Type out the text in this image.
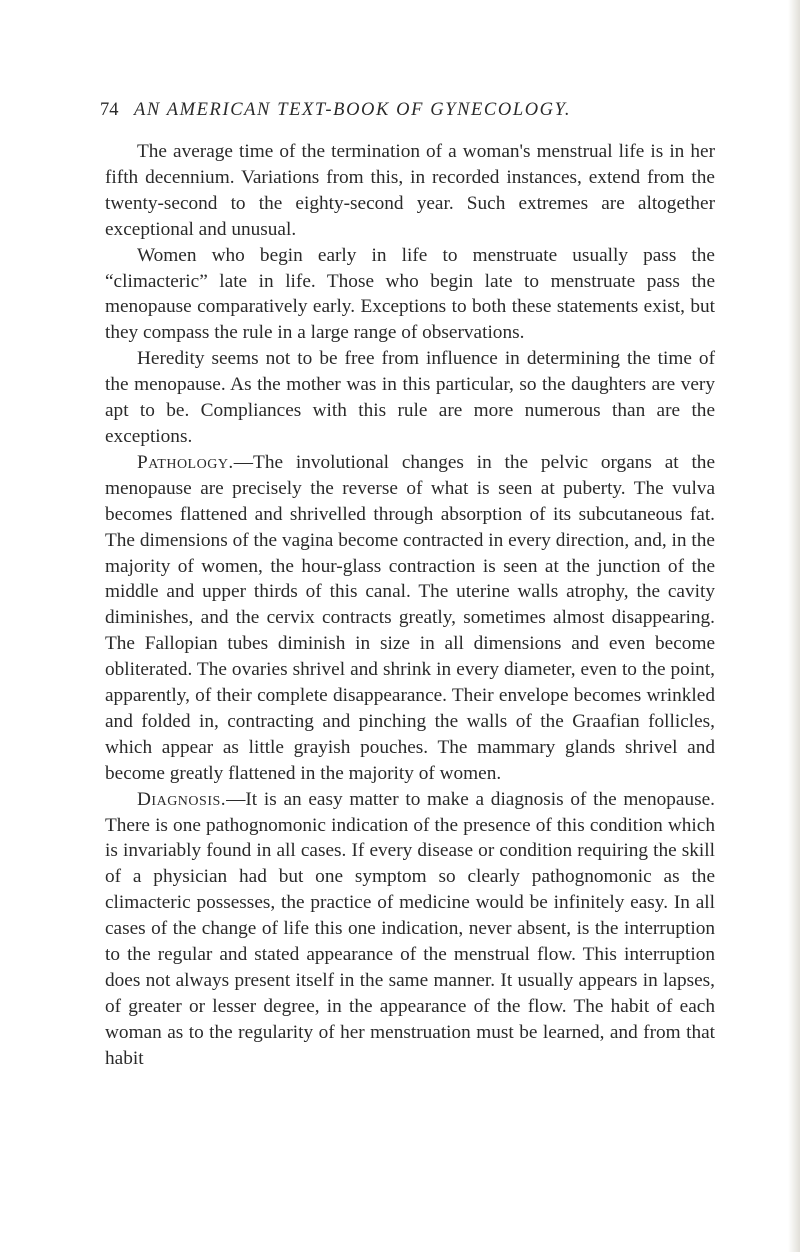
74 AN AMERICAN TEXT-BOOK OF GYNECOLOGY.

The average time of the termination of a woman's menstrual life is in her fifth decennium. Variations from this, in recorded instances, extend from the twenty-second to the eighty-second year. Such extremes are altogether exceptional and unusual.

Women who begin early in life to menstruate usually pass the “climacteric” late in life. Those who begin late to menstruate pass the menopause comparatively early. Exceptions to both these statements exist, but they compass the rule in a large range of observations.

Heredity seems not to be free from influence in determining the time of the menopause. As the mother was in this particular, so the daughters are very apt to be. Compliances with this rule are more numerous than are the exceptions.

Pathology.—The involutional changes in the pelvic organs at the menopause are precisely the reverse of what is seen at puberty. The vulva becomes flattened and shrivelled through absorption of its subcutaneous fat. The dimensions of the vagina become contracted in every direction, and, in the majority of women, the hour-glass contraction is seen at the junction of the middle and upper thirds of this canal. The uterine walls atrophy, the cavity diminishes, and the cervix contracts greatly, sometimes almost disappearing. The Fallopian tubes diminish in size in all dimensions and even become obliterated. The ovaries shrivel and shrink in every diameter, even to the point, apparently, of their complete disappearance. Their envelope becomes wrinkled and folded in, contracting and pinching the walls of the Graafian follicles, which appear as little grayish pouches. The mammary glands shrivel and become greatly flattened in the majority of women.

Diagnosis.—It is an easy matter to make a diagnosis of the menopause. There is one pathognomonic indication of the presence of this condition which is invariably found in all cases. If every disease or condition requiring the skill of a physician had but one symptom so clearly pathognomonic as the climacteric possesses, the practice of medicine would be infinitely easy. In all cases of the change of life this one indication, never absent, is the interruption to the regular and stated appearance of the menstrual flow. This interruption does not always present itself in the same manner. It usually appears in lapses, of greater or lesser degree, in the appearance of the flow. The habit of each woman as to the regularity of her menstruation must be learned, and from that habit
